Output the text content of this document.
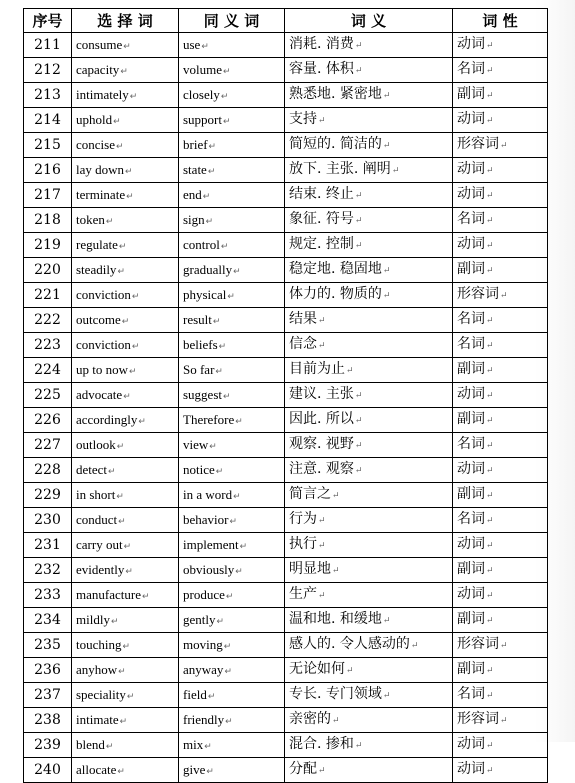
序号	选 择 词	同 义 词	词 义	词 性
211	consume↵	use↵	消耗. 消费↵	动词↵
212	capacity↵	volume↵	容量. 体积↵	名词↵
213	intimately↵	closely↵	熟悉地. 紧密地↵	副词↵
214	uphold↵	support↵	支持↵	动词↵
215	concise↵	brief↵	简短的. 简洁的↵	形容词↵
216	lay down↵	state↵	放下. 主张. 阐明↵	动词↵
217	terminate↵	end↵	结束. 终止↵	动词↵
218	token↵	sign↵	象征. 符号↵	名词↵
219	regulate↵	control↵	规定. 控制↵	动词↵
220	steadily↵	gradually↵	稳定地. 稳固地↵	副词↵
221	conviction↵	physical↵	体力的. 物质的↵	形容词↵
222	outcome↵	result↵	结果↵	名词↵
223	conviction↵	beliefs↵	信念↵	名词↵
224	up to now↵	So far↵	目前为止↵	副词↵
225	advocate↵	suggest↵	建议. 主张↵	动词↵
226	accordingly↵	Therefore↵	因此. 所以↵	副词↵
227	outlook↵	view↵	观察. 视野↵	名词↵
228	detect↵	notice↵	注意. 观察↵	动词↵
229	in short↵	in a word↵	简言之↵	副词↵
230	conduct↵	behavior↵	行为↵	名词↵
231	carry out↵	implement↵	执行↵	动词↵
232	evidently↵	obviously↵	明显地↵	副词↵
233	manufacture↵	produce↵	生产↵	动词↵
234	mildly↵	gently↵	温和地. 和缓地↵	副词↵
235	touching↵	moving↵	感人的. 令人感动的↵	形容词↵
236	anyhow↵	anyway↵	无论如何↵	副词↵
237	speciality↵	field↵	专长. 专门领域↵	名词↵
238	intimate↵	friendly↵	亲密的↵	形容词↵
239	blend↵	mix↵	混合. 掺和↵	动词↵
240	allocate↵	give↵	分配↵	动词↵
